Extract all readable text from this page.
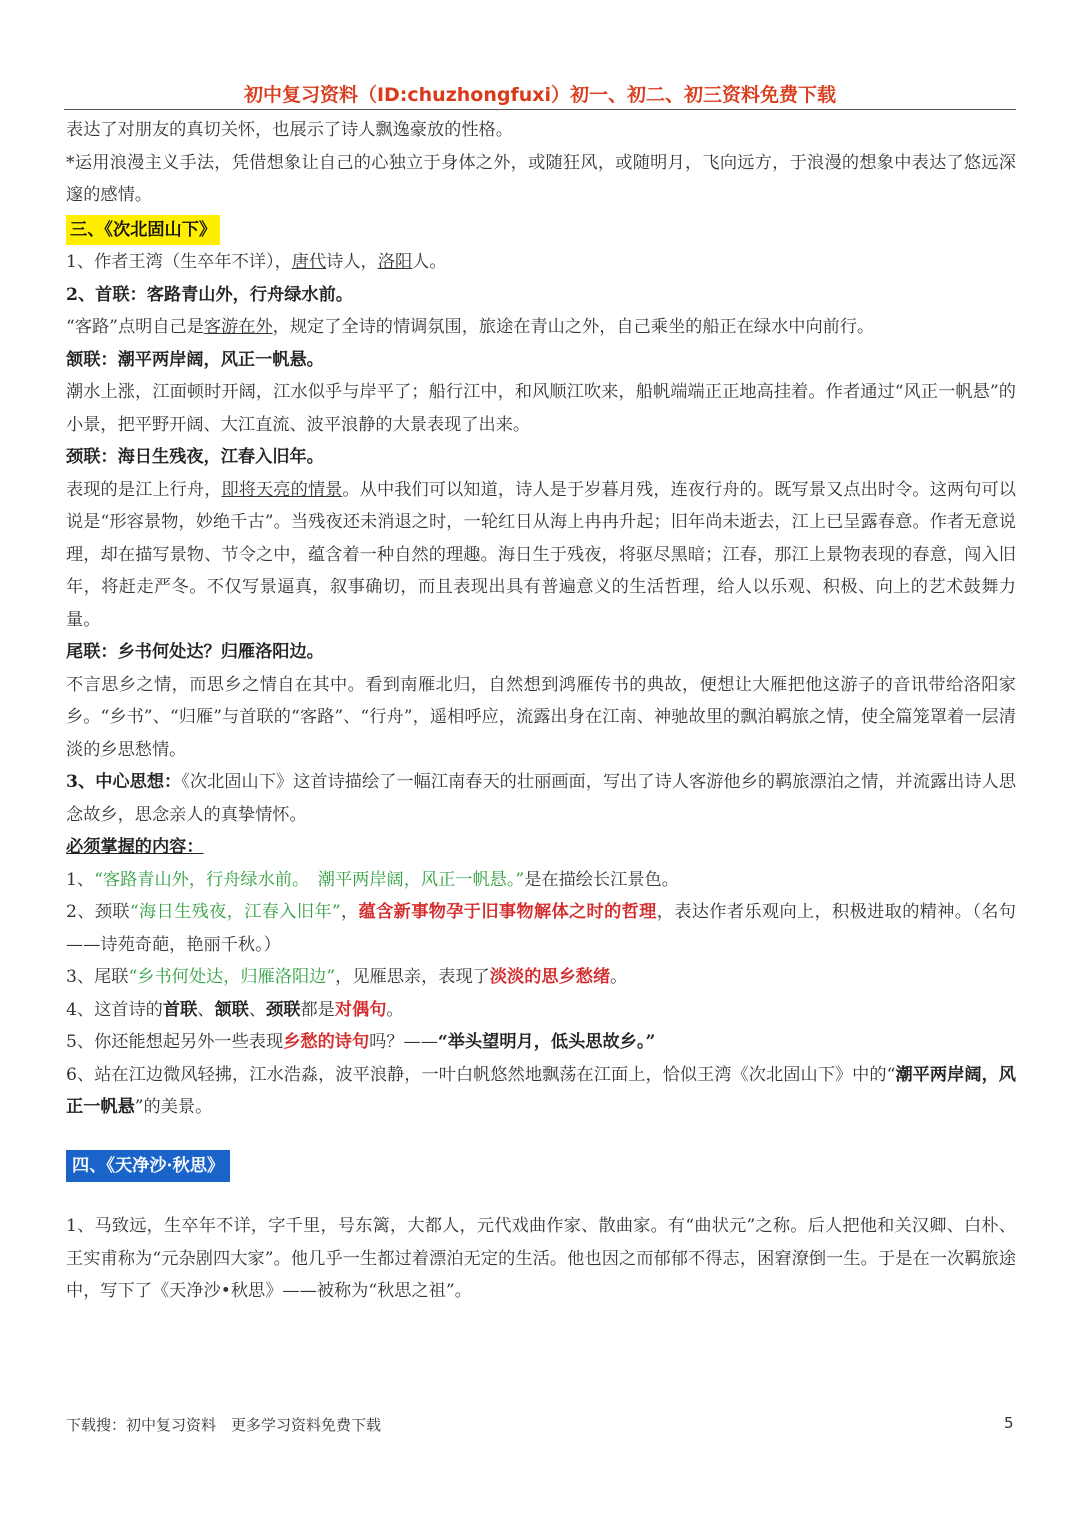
初中复习资料（ID:chuzhongfuxi）初一、初二、初三资料免费下载

表达了对朋友的真切关怀，也展示了诗人飘逸豪放的性格。

*运用浪漫主义手法，凭借想象让自己的心独立于身体之外，或随狂风，或随明月，飞向远方，于浪漫的想象中表达了悠远深邃的感情。

三、《次北固山下》

1、作者王湾（生卒年不详），唐代诗人，洛阳人。

2、首联：客路青山外，行舟绿水前。

“客路”点明自己是客游在外，规定了全诗的情调氛围，旅途在青山之外，自己乘坐的船正在绿水中向前行。

颔联：潮平两岸阔，风正一帆悬。

潮水上涨，江面顿时开阔，江水似乎与岸平了；船行江中，和风顺江吹来，船帆端端正正地高挂着。作者通过“风正一帆悬”的小景，把平野开阔、大江直流、波平浪静的大景表现了出来。

颈联：海日生残夜，江春入旧年。

表现的是江上行舟，即将天亮的情景。从中我们可以知道，诗人是于岁暮月残，连夜行舟的。既写景又点出时令。这两句可以说是“形容景物，妙绝千古”。当残夜还未消退之时，一轮红日从海上冉冉升起；旧年尚未逝去，江上已呈露春意。作者无意说理，却在描写景物、节令之中，蕴含着一种自然的理趣。海日生于残夜，将驱尽黑暗；江春，那江上景物表现的春意，闯入旧年，将赶走严冬。不仅写景逼真，叙事确切，而且表现出具有普遍意义的生活哲理，给人以乐观、积极、向上的艺术鼓舞力量。

尾联：乡书何处达？归雁洛阳边。

不言思乡之情，而思乡之情自在其中。看到南雁北归，自然想到鸿雁传书的典故，便想让大雁把他这游子的音讯带给洛阳家乡。“乡书”、“归雁”与首联的“客路”、“行舟”，遥相呼应，流露出身在江南、神驰故里的飘泊羁旅之情，使全篇笼罩着一层清淡的乡思愁情。

3、中心思想：《次北固山下》这首诗描绘了一幅江南春天的壮丽画面，写出了诗人客游他乡的羁旅漂泊之情，并流露出诗人思念故乡，思念亲人的真挚情怀。

必须掌握的内容：

1、“客路青山外，行舟绿水前。　潮平两岸阔，风正一帆悬。”是在描绘长江景色。

2、颈联“海日生残夜，江春入旧年”，蕴含新事物孕于旧事物解体之时的哲理，表达作者乐观向上，积极进取的精神。（名句——诗苑奇葩，艳丽千秋。）

3、尾联“乡书何处达，归雁洛阳边”，见雁思亲，表现了淡淡的思乡愁绪。

4、这首诗的首联、颔联、颈联都是对偶句。

5、你还能想起另外一些表现乡愁的诗句吗？——“举头望明月，低头思故乡。”

6、站在江边微风轻拂，江水浩淼，波平浪静，一叶白帆悠然地飘荡在江面上，恰似王湾《次北固山下》中的“潮平两岸阔，风正一帆悬”的美景。

四、《天净沙·秋思》

1、马致远，生卒年不详，字千里，号东篱，大都人，元代戏曲作家、散曲家。有“曲状元”之称。后人把他和关汉卿、白朴、王实甫称为“元杂剧四大家”。他几乎一生都过着漂泊无定的生活。他也因之而郁郁不得志，困窘潦倒一生。于是在一次羁旅途中，写下了《天净沙•秋思》——被称为“秋思之祖”。

下载搜：初中复习资料　更多学习资料免费下载	5
